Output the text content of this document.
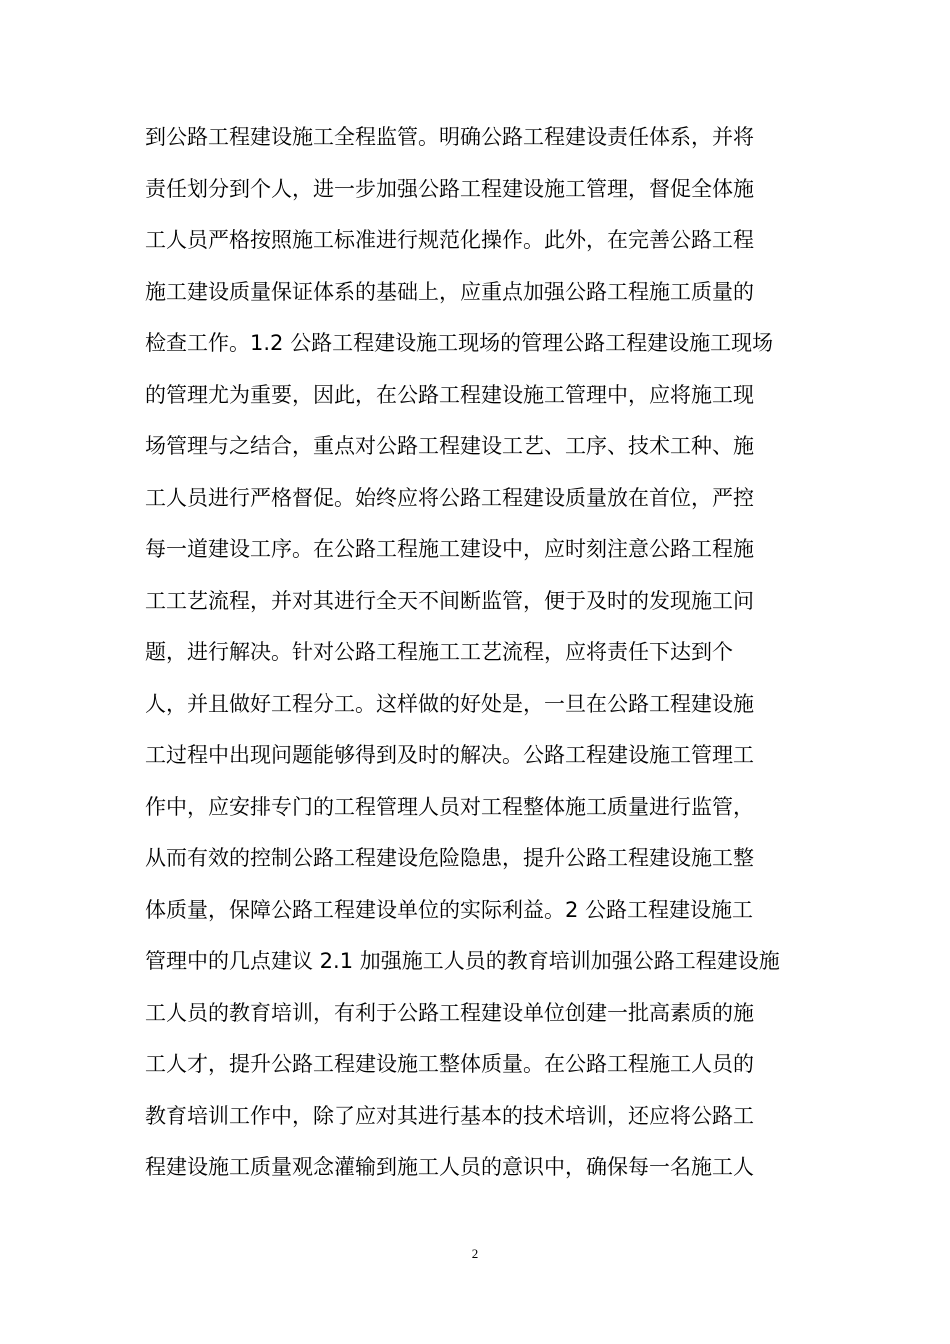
到公路工程建设施工全程监管。明确公路工程建设责任体系，并将
责任划分到个人，进一步加强公路工程建设施工管理，督促全体施
工人员严格按照施工标准进行规范化操作。此外，在完善公路工程
施工建设质量保证体系的基础上，应重点加强公路工程施工质量的
检查工作。1.2 公路工程建设施工现场的管理公路工程建设施工现场
的管理尤为重要，因此，在公路工程建设施工管理中，应将施工现
场管理与之结合，重点对公路工程建设工艺、工序、技术工种、施
工人员进行严格督促。始终应将公路工程建设质量放在首位，严控
每一道建设工序。在公路工程施工建设中，应时刻注意公路工程施
工工艺流程，并对其进行全天不间断监管，便于及时的发现施工问
题，进行解决。针对公路工程施工工艺流程，应将责任下达到个
人，并且做好工程分工。这样做的好处是，一旦在公路工程建设施
工过程中出现问题能够得到及时的解决。公路工程建设施工管理工
作中，应安排专门的工程管理人员对工程整体施工质量进行监管，
从而有效的控制公路工程建设危险隐患，提升公路工程建设施工整
体质量，保障公路工程建设单位的实际利益。2 公路工程建设施工
管理中的几点建议 2.1 加强施工人员的教育培训加强公路工程建设施
工人员的教育培训，有利于公路工程建设单位创建一批高素质的施
工人才，提升公路工程建设施工整体质量。在公路工程施工人员的
教育培训工作中，除了应对其进行基本的技术培训，还应将公路工
程建设施工质量观念灌输到施工人员的意识中，确保每一名施工人
2
